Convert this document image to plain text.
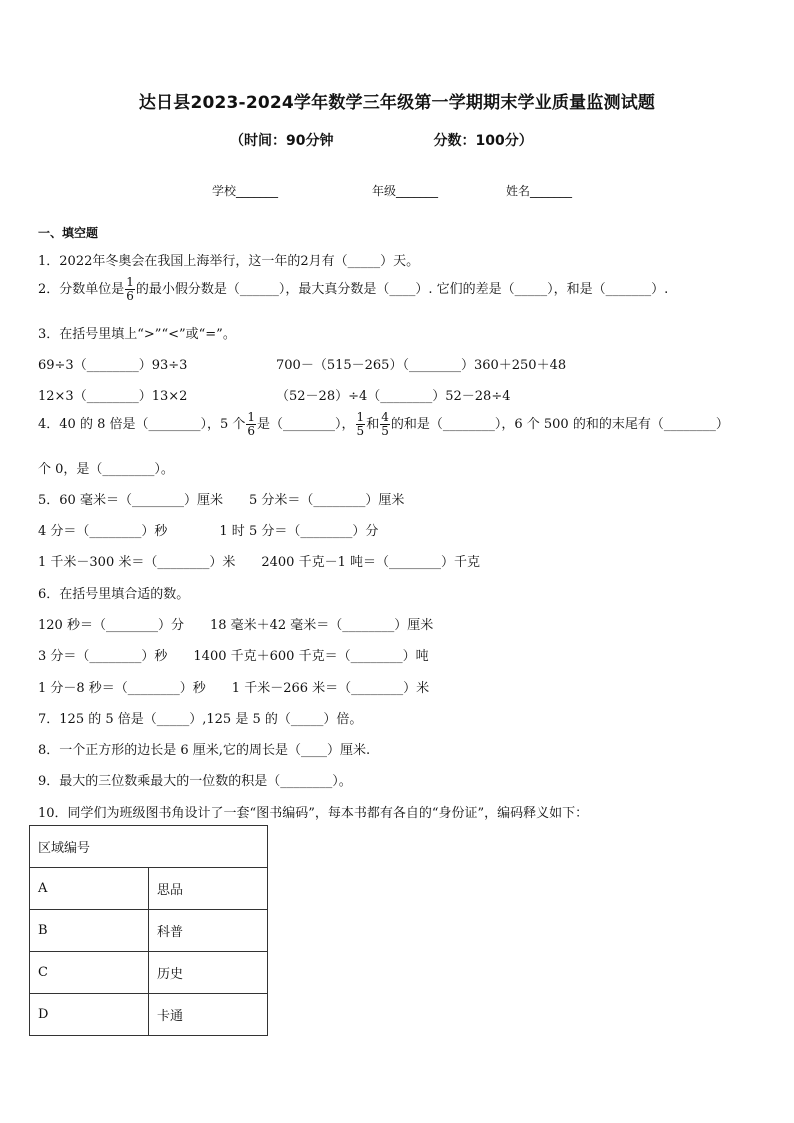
达日县2023-2024学年数学三年级第一学期期末学业质量监测试题
（时间：90分钟	分数：100分）
学校_______	年级_______	姓名_______
一、填空题
1．2022年冬奥会在我国上海举行，这一年的2月有（_____）天。
2．分数单位是 $\frac{1}{6}$ 的最小假分数是（______），最大真分数是（____）. 它们的差是（_____），和是（_______）.
3．在括号里填上“>”“<”或“=”。
69÷3（________）93÷3	700－（515－265）（________）360＋250＋48
12×3（________）13×2	（52－28）÷4（________）52－28÷4
4．40 的 8 倍是（________），5 个 $\frac{1}{6}$ 是（________）， $\frac{1}{5}$ 和 $\frac{4}{5}$ 的和是（________），6 个 500 的和的末尾有（________）
个 0，是（________）。
5．60 毫米＝（________）厘米　　5 分米＝（________）厘米
4 分＝（________）秒　　　　1 时 5 分＝（________）分
1 千米－300 米＝（________）米　　2400 千克－1 吨＝（________）千克
6．在括号里填合适的数。
120 秒＝（________）分　　18 毫米＋42 毫米＝（________）厘米
3 分＝（________）秒　　1400 千克＋600 千克＝（________）吨
1 分－8 秒＝（________）秒　　1 千米－266 米＝（________）米
7．125 的 5 倍是（_____）,125 是 5 的（_____）倍。
8．一个正方形的边长是 6 厘米,它的周长是（____）厘米.
9．最大的三位数乘最大的一位数的积是（________）。
10．同学们为班级图书角设计了一套“图书编码”，每本书都有各自的“身份证”，编码释义如下：
区域编号	
A	思品
B	科普
C	历史
D	卡通
